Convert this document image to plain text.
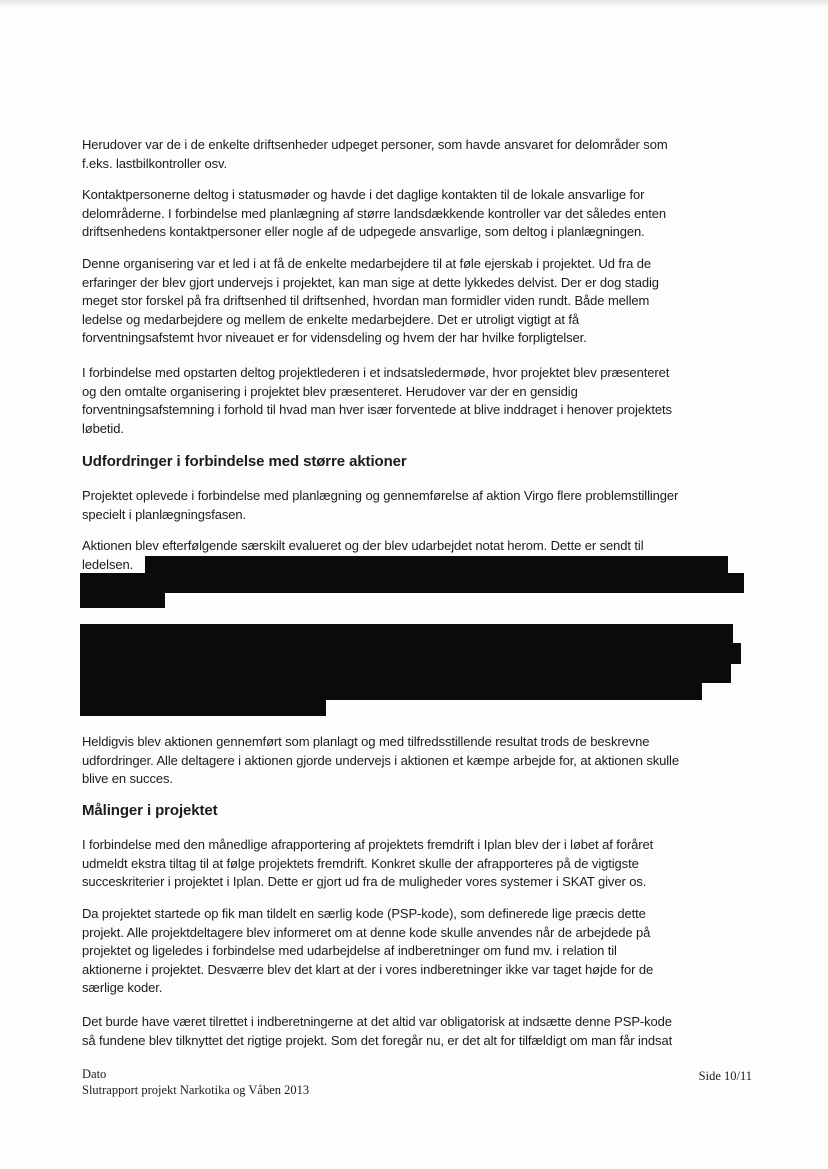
Herudover var de i de enkelte driftsenheder udpeget personer, som havde ansvaret for delområder som
f.eks. lastbilkontroller osv.

Kontaktpersonerne deltog i statusmøder og havde i det daglige kontakten til de lokale ansvarlige for
delområderne. I forbindelse med planlægning af større landsdækkende kontroller var det således enten
driftsenhedens kontaktpersoner eller nogle af de udpegede ansvarlige, som deltog i planlægningen.

Denne organisering var et led i at få de enkelte medarbejdere til at føle ejerskab i projektet. Ud fra de
erfaringer der blev gjort undervejs i projektet, kan man sige at dette lykkedes delvist. Der er dog stadig
meget stor forskel på fra driftsenhed til driftsenhed, hvordan man formidler viden rundt. Både mellem
ledelse og medarbejdere og mellem de enkelte medarbejdere. Det er utroligt vigtigt at få
forventningsafstemt hvor niveauet er for vidensdeling og hvem der har hvilke forpligtelser.

I forbindelse med opstarten deltog projektlederen i et indsatsledermøde, hvor projektet blev præsenteret
og den omtalte organisering i projektet blev præsenteret. Herudover var der en gensidig
forventningsafstemning i forhold til hvad man hver især forventede at blive inddraget i henover projektets
løbetid.

Udfordringer i forbindelse med større aktioner

Projektet oplevede i forbindelse med planlægning og gennemførelse af aktion Virgo flere problemstillinger
specielt i planlægningsfasen.

Aktionen blev efterfølgende særskilt evalueret og der blev udarbejdet notat herom. Dette er sendt til
ledelsen.

Heldigvis blev aktionen gennemført som planlagt og med tilfredsstillende resultat trods de beskrevne
udfordringer. Alle deltagere i aktionen gjorde undervejs i aktionen et kæmpe arbejde for, at aktionen skulle
blive en succes.

Målinger i projektet

I forbindelse med den månedlige afrapportering af projektets fremdrift i Iplan blev der i løbet af foråret
udmeldt ekstra tiltag til at følge projektets fremdrift. Konkret skulle der afrapporteres på de vigtigste
succeskriterier i projektet i Iplan. Dette er gjort ud fra de muligheder vores systemer i SKAT giver os.

Da projektet startede op fik man tildelt en særlig kode (PSP-kode), som definerede lige præcis dette
projekt. Alle projektdeltagere blev informeret om at denne kode skulle anvendes når de arbejdede på
projektet og ligeledes i forbindelse med udarbejdelse af indberetninger om fund mv. i relation til
aktionerne i projektet. Desværre blev det klart at der i vores indberetninger ikke var taget højde for de
særlige koder.

Det burde have været tilrettet i indberetningerne at det altid var obligatorisk at indsætte denne PSP-kode
så fundene blev tilknyttet det rigtige projekt. Som det foregår nu, er det alt for tilfældigt om man får indsat

Dato
Slutrapport projekt Narkotika og Våben 2013
Side 10/11
